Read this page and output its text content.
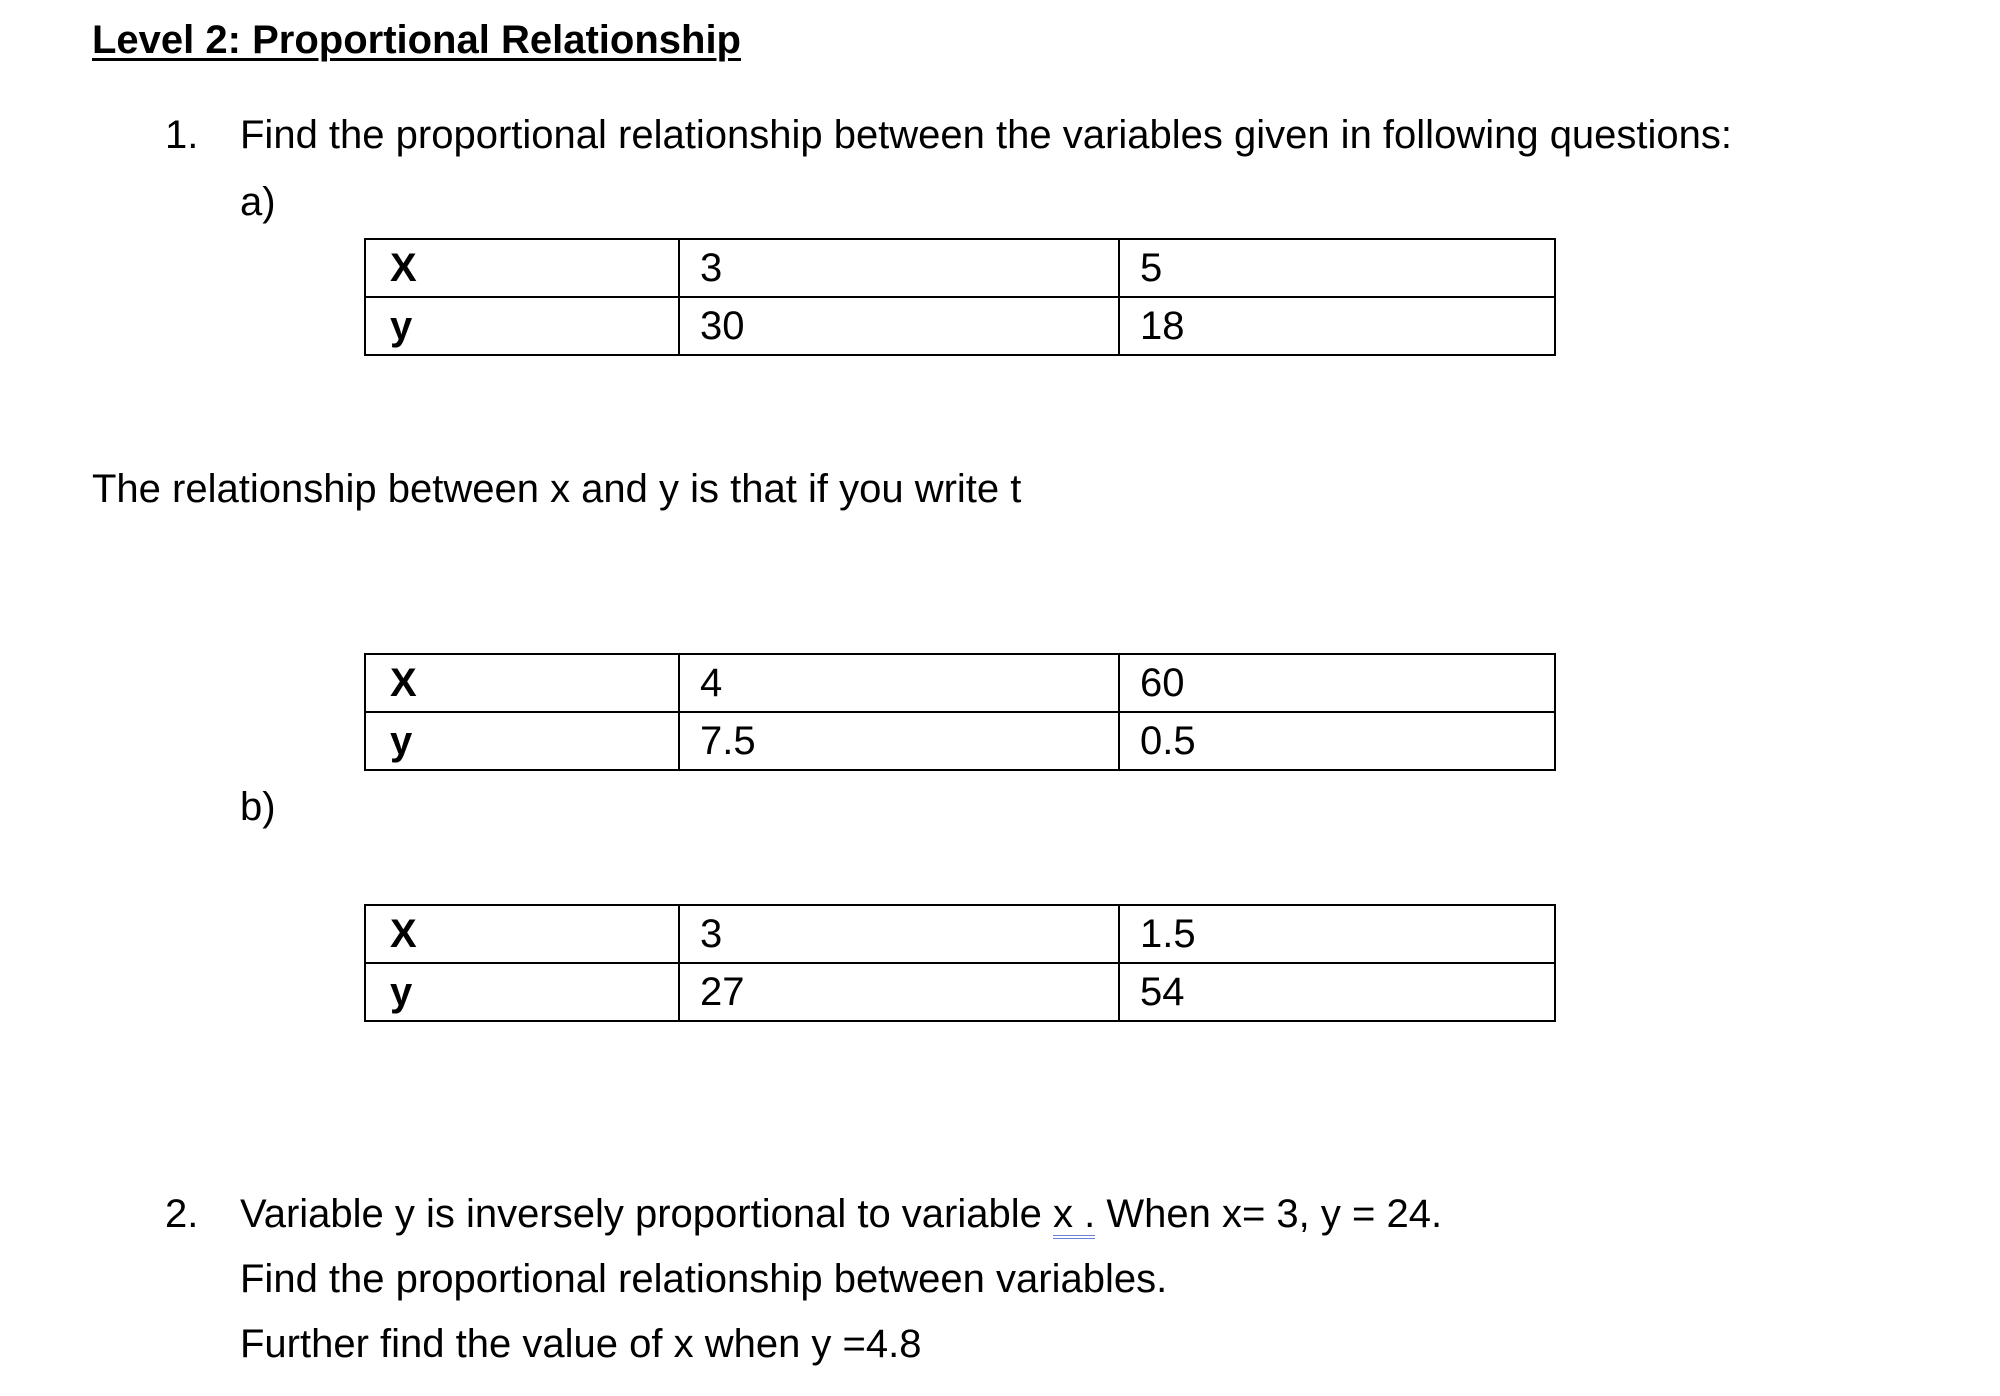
Level 2: Proportional Relationship
1. Find the proportional relationship between the variables given in following questions:
a)
X	3	5
y	30	18
The relationship between x and y is that if you write t
X	4	60
y	7.5	0.5
b)
X	3	1.5
y	27	54
2. Variable y is inversely proportional to variable x . When x= 3, y = 24.
Find the proportional relationship between variables.
Further find the value of x when y =4.8
